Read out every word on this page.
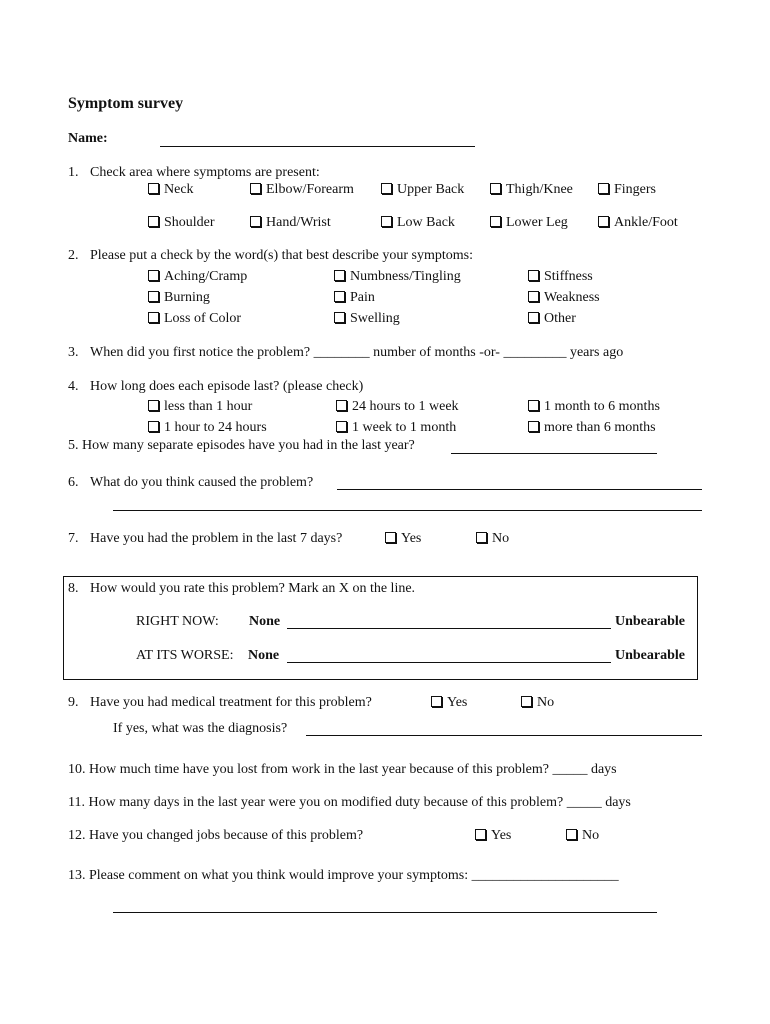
Symptom survey
Name:
1. Check area where symptoms are present:
Neck	Elbow/Forearm	Upper Back	Thigh/Knee	Fingers
Shoulder	Hand/Wrist	Low Back	Lower Leg	Ankle/Foot
2. Please put a check by the word(s) that best describe your symptoms:
Aching/Cramp	Numbness/Tingling	Stiffness
Burning	Pain	Weakness
Loss of Color	Swelling	Other
3. When did you first notice the problem? ________ number of months -or- _________ years ago
4. How long does each episode last? (please check)
less than 1 hour	24 hours to 1 week	1 month to 6 months
1 hour to 24 hours	1 week to 1 month	more than 6 months
5. How many separate episodes have you had in the last year?
6. What do you think caused the problem?
7. Have you had the problem in the last 7 days?	Yes	No
8. How would you rate this problem? Mark an X on the line.
RIGHT NOW: None	Unbearable
AT ITS WORSE: None	Unbearable
9. Have you had medical treatment for this problem?	Yes	No
If yes, what was the diagnosis?
10. How much time have you lost from work in the last year because of this problem? _____ days
11. How many days in the last year were you on modified duty because of this problem? _____ days
12. Have you changed jobs because of this problem?	Yes	No
13. Please comment on what you think would improve your symptoms: _____________________
